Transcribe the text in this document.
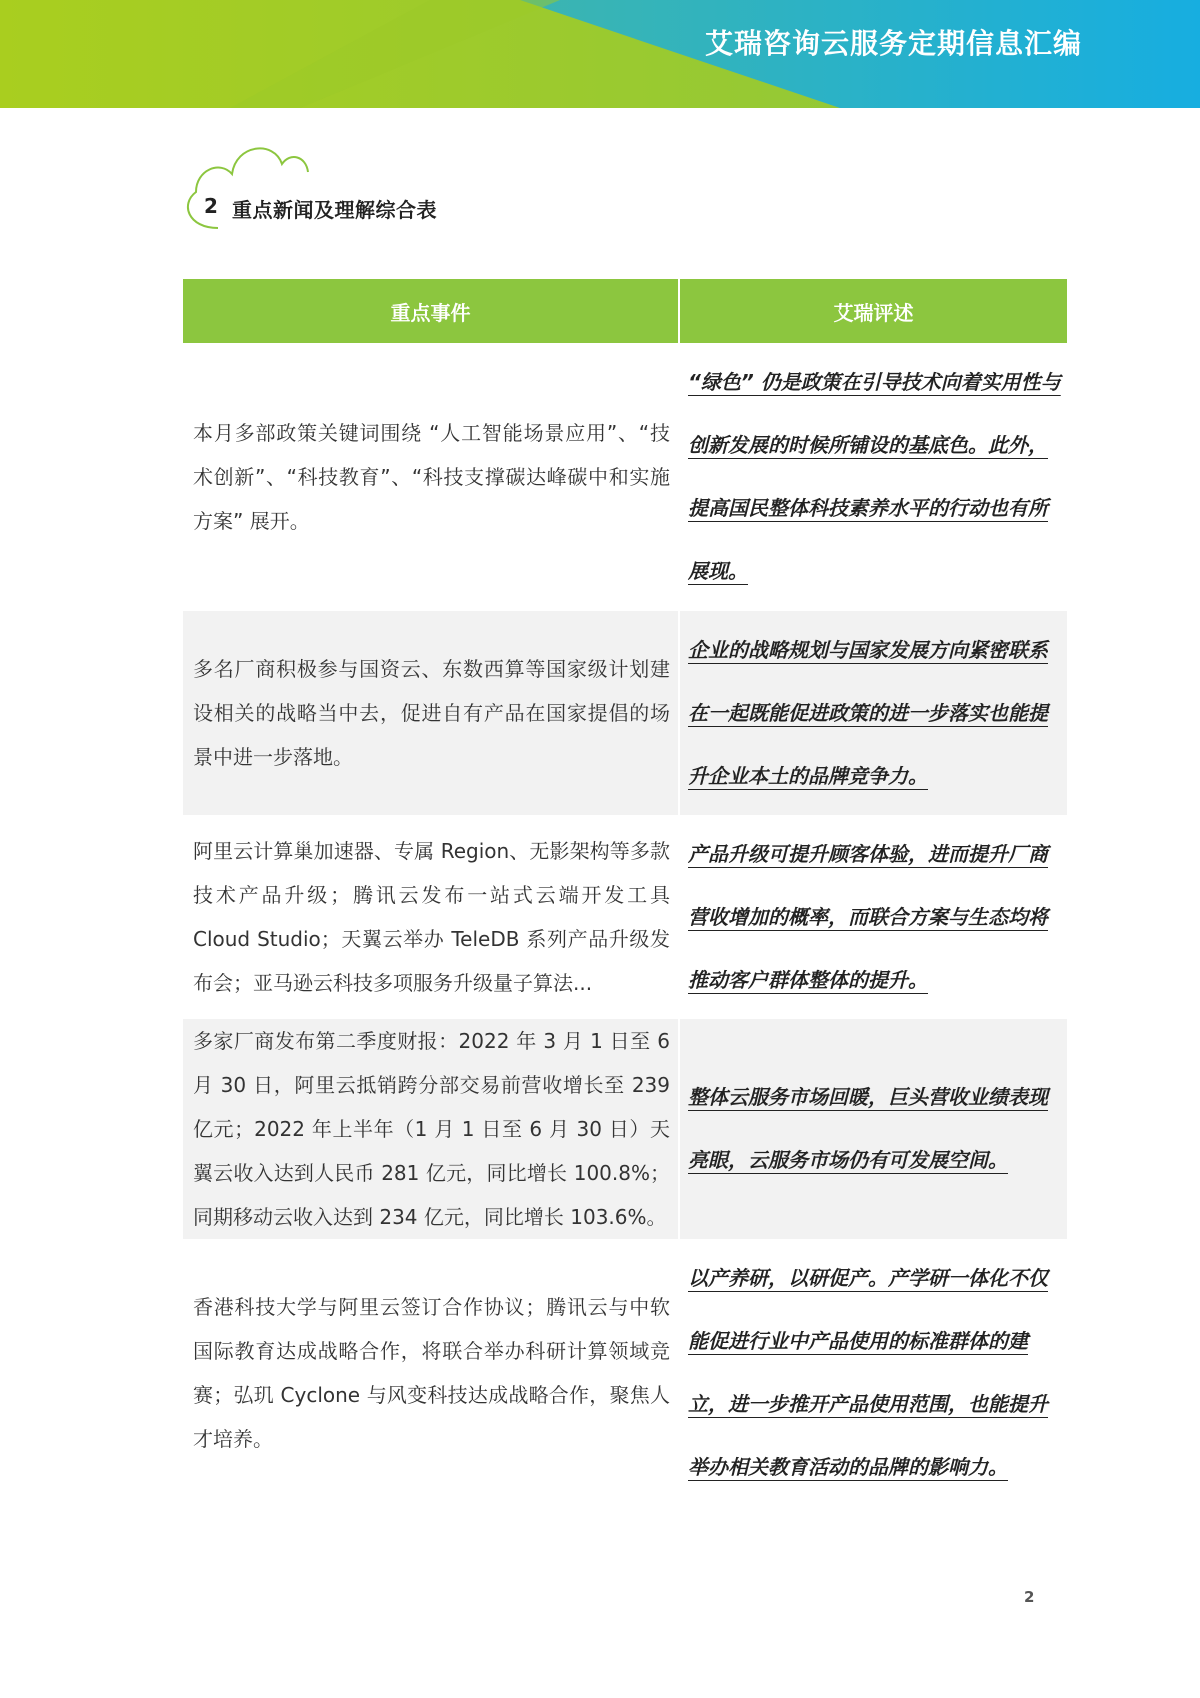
艾瑞咨询云服务定期信息汇编
2 重点新闻及理解综合表
重点事件	艾瑞评述
本月多部政策关键词围绕 “人工智能场景应用”、“技术创新”、“科技教育”、“科技支撑碳达峰碳中和实施方案” 展开。	“绿色” 仍是政策在引导技术向着实用性与创新发展的时候所铺设的基底色。此外，提高国民整体科技素养水平的行动也有所展现。
多名厂商积极参与国资云、东数西算等国家级计划建设相关的战略当中去，促进自有产品在国家提倡的场景中进一步落地。	企业的战略规划与国家发展方向紧密联系在一起既能促进政策的进一步落实也能提升企业本土的品牌竞争力。
阿里云计算巢加速器、专属 Region、无影架构等多款技术产品升级；腾讯云发布一站式云端开发工具 Cloud Studio；天翼云举办 TeleDB 系列产品升级发布会；亚马逊云科技多项服务升级量子算法...	产品升级可提升顾客体验，进而提升厂商营收增加的概率，而联合方案与生态均将推动客户群体整体的提升。
多家厂商发布第二季度财报：2022 年 3 月 1 日至 6 月 30 日，阿里云抵销跨分部交易前营收增长至 239 亿元；2022 年上半年（1 月 1 日至 6 月 30 日）天翼云收入达到人民币 281 亿元，同比增长 100.8%；同期移动云收入达到 234 亿元，同比增长 103.6%。	整体云服务市场回暖，巨头营收业绩表现亮眼，云服务市场仍有可发展空间。
香港科技大学与阿里云签订合作协议；腾讯云与中软国际教育达成战略合作，将联合举办科研计算领域竞赛；弘玑 Cyclone 与风变科技达成战略合作，聚焦人才培养。	以产养研，以研促产。产学研一体化不仅能促进行业中产品使用的标准群体的建立，进一步推开产品使用范围，也能提升举办相关教育活动的品牌的影响力。
2
